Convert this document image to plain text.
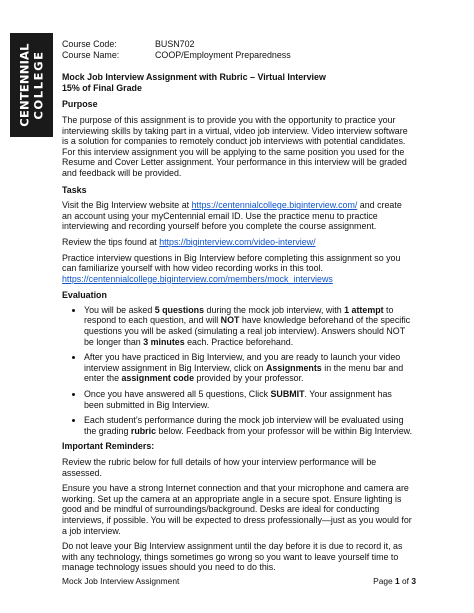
CENTENNIAL COLLEGE
Course Code:	BUSN702
Course Name:	COOP/Employment Preparedness

Mock Job Interview Assignment with Rubric – Virtual Interview
15% of Final Grade

Purpose

The purpose of this assignment is to provide you with the opportunity to practice your interviewing skills by taking part in a virtual, video job interview. Video interview software is a solution for companies to remotely conduct job interviews with potential candidates. For this interview assignment you will be applying to the same position you used for the Resume and Cover Letter assignment. Your performance in this interview will be graded and feedback will be provided.

Tasks

Visit the Big Interview website at https://centennialcollege.biginterview.com/ and create an account using your myCentennial email ID. Use the practice menu to practice interviewing and recording yourself before you complete the course assignment.

Review the tips found at https://biginterview.com/video-interview/

Practice interview questions in Big Interview before completing this assignment so you can familiarize yourself with how video recording works in this tool.
https://centennialcollege.biginterview.com/members/mock_interviews

Evaluation
• You will be asked 5 questions during the mock job interview, with 1 attempt to respond to each question, and will NOT have knowledge beforehand of the specific questions you will be asked (simulating a real job interview). Answers should NOT be longer than 3 minutes each. Practice beforehand.
• After you have practiced in Big Interview, and you are ready to launch your video interview assignment in Big Interview, click on Assignments in the menu bar and enter the assignment code provided by your professor.
• Once you have answered all 5 questions, Click SUBMIT. Your assignment has been submitted in Big Interview.
• Each student’s performance during the mock job interview will be evaluated using the grading rubric below. Feedback from your professor will be within Big Interview.
Important Reminders:

Review the rubric below for full details of how your interview performance will be assessed.

Ensure you have a strong Internet connection and that your microphone and camera are working. Set up the camera at an appropriate angle in a secure spot. Ensure lighting is good and be mindful of surroundings/background. Desks are ideal for conducting interviews, if possible. You will be expected to dress professionally—just as you would for a job interview.

Do not leave your Big Interview assignment until the day before it is due to record it, as with any technology, things sometimes go wrong so you want to leave yourself time to manage technology issues should you need to do this.

Mock Job Interview Assignment	Page 1 of 3
